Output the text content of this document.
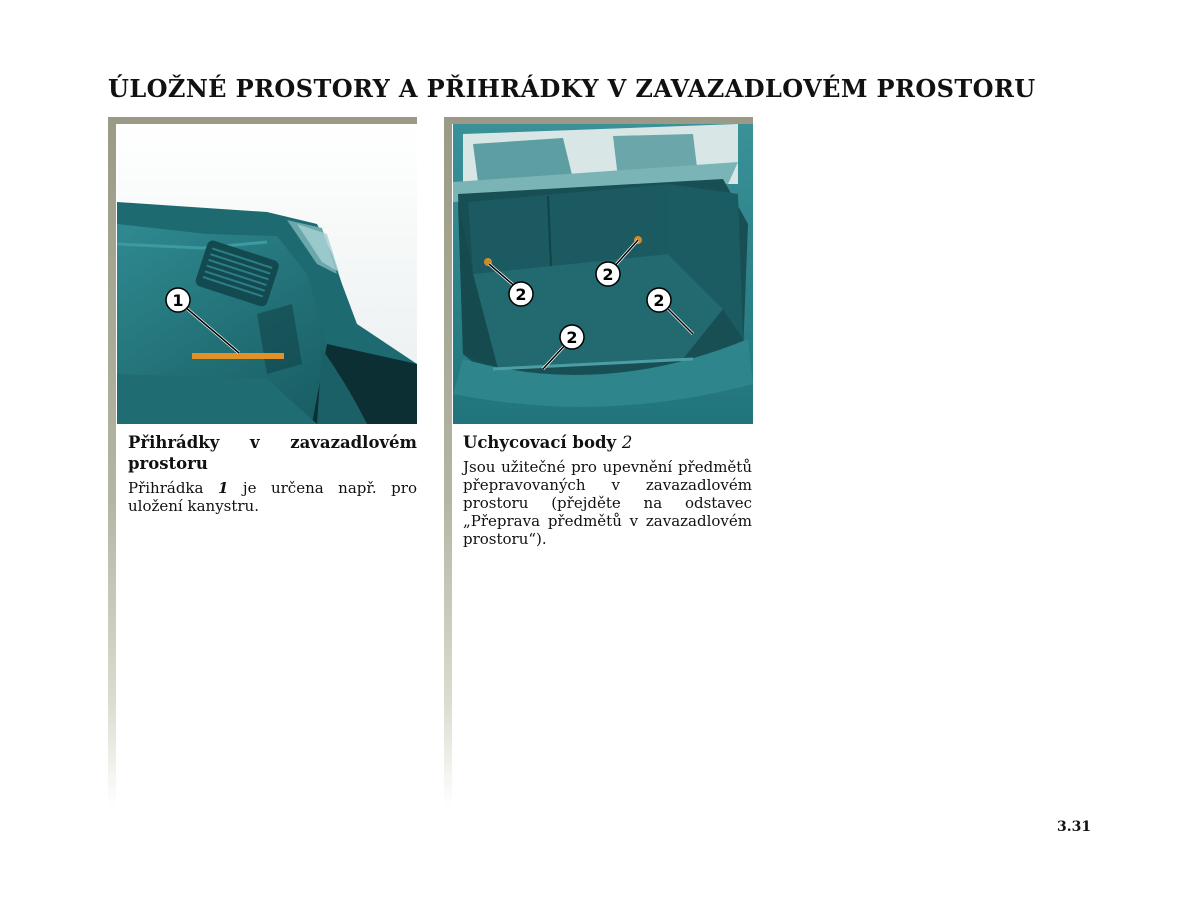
ÚLOŽNÉ PROSTORY A PŘIHRÁDKY V ZAVAZADLOVÉM PROSTORU
1
2
2	2
2
Přihrádky v zavazadlovém prostoru

Přihrádka 1 je určena např. pro uložení kanystru.

Uchycovací body 2

Jsou užitečné pro upevnění předmětů přepravovaných v zavazadlovém prostoru (přejděte na odstavec „Přeprava předmětů v zavazadlovém prostoru“).

3.31
